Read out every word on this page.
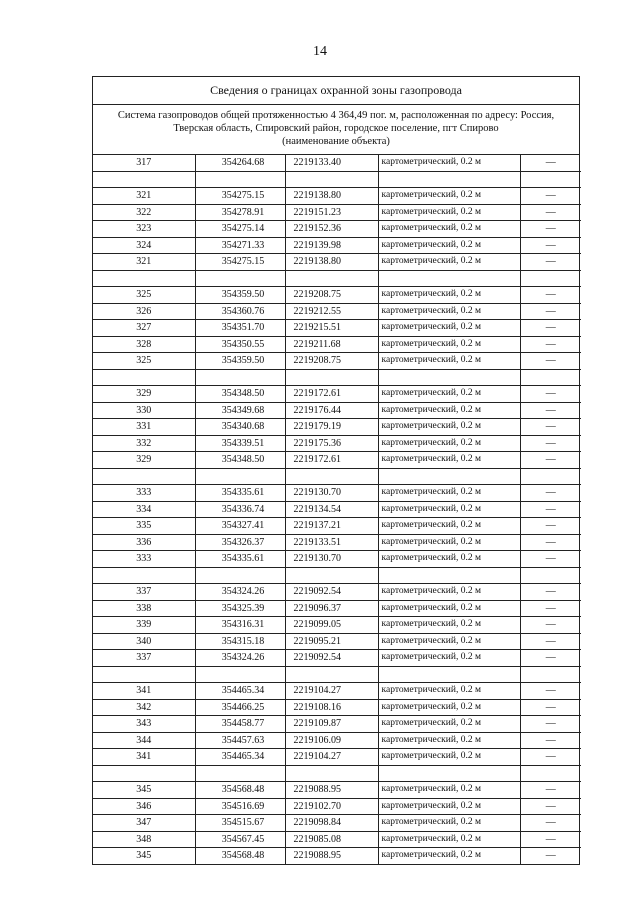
14
Сведения о границах охранной зоны газопровода
Система газопроводов общей протяженностью 4 364,49 пог. м, расположенная по адресу: Россия,
Тверская область, Спировский район, городское поселение, пгт Спирово
(наименование объекта)
317	354264.68	2219133.40	картометрический, 0.2 м	—

321	354275.15	2219138.80	картометрический, 0.2 м	—
322	354278.91	2219151.23	картометрический, 0.2 м	—
323	354275.14	2219152.36	картометрический, 0.2 м	—
324	354271.33	2219139.98	картометрический, 0.2 м	—
321	354275.15	2219138.80	картометрический, 0.2 м	—

325	354359.50	2219208.75	картометрический, 0.2 м	—
326	354360.76	2219212.55	картометрический, 0.2 м	—
327	354351.70	2219215.51	картометрический, 0.2 м	—
328	354350.55	2219211.68	картометрический, 0.2 м	—
325	354359.50	2219208.75	картометрический, 0.2 м	—

329	354348.50	2219172.61	картометрический, 0.2 м	—
330	354349.68	2219176.44	картометрический, 0.2 м	—
331	354340.68	2219179.19	картометрический, 0.2 м	—
332	354339.51	2219175.36	картометрический, 0.2 м	—
329	354348.50	2219172.61	картометрический, 0.2 м	—

333	354335.61	2219130.70	картометрический, 0.2 м	—
334	354336.74	2219134.54	картометрический, 0.2 м	—
335	354327.41	2219137.21	картометрический, 0.2 м	—
336	354326.37	2219133.51	картометрический, 0.2 м	—
333	354335.61	2219130.70	картометрический, 0.2 м	—

337	354324.26	2219092.54	картометрический, 0.2 м	—
338	354325.39	2219096.37	картометрический, 0.2 м	—
339	354316.31	2219099.05	картометрический, 0.2 м	—
340	354315.18	2219095.21	картометрический, 0.2 м	—
337	354324.26	2219092.54	картометрический, 0.2 м	—

341	354465.34	2219104.27	картометрический, 0.2 м	—
342	354466.25	2219108.16	картометрический, 0.2 м	—
343	354458.77	2219109.87	картометрический, 0.2 м	—
344	354457.63	2219106.09	картометрический, 0.2 м	—
341	354465.34	2219104.27	картометрический, 0.2 м	—

345	354568.48	2219088.95	картометрический, 0.2 м	—
346	354516.69	2219102.70	картометрический, 0.2 м	—
347	354515.67	2219098.84	картометрический, 0.2 м	—
348	354567.45	2219085.08	картометрический, 0.2 м	—
345	354568.48	2219088.95	картометрический, 0.2 м	—
